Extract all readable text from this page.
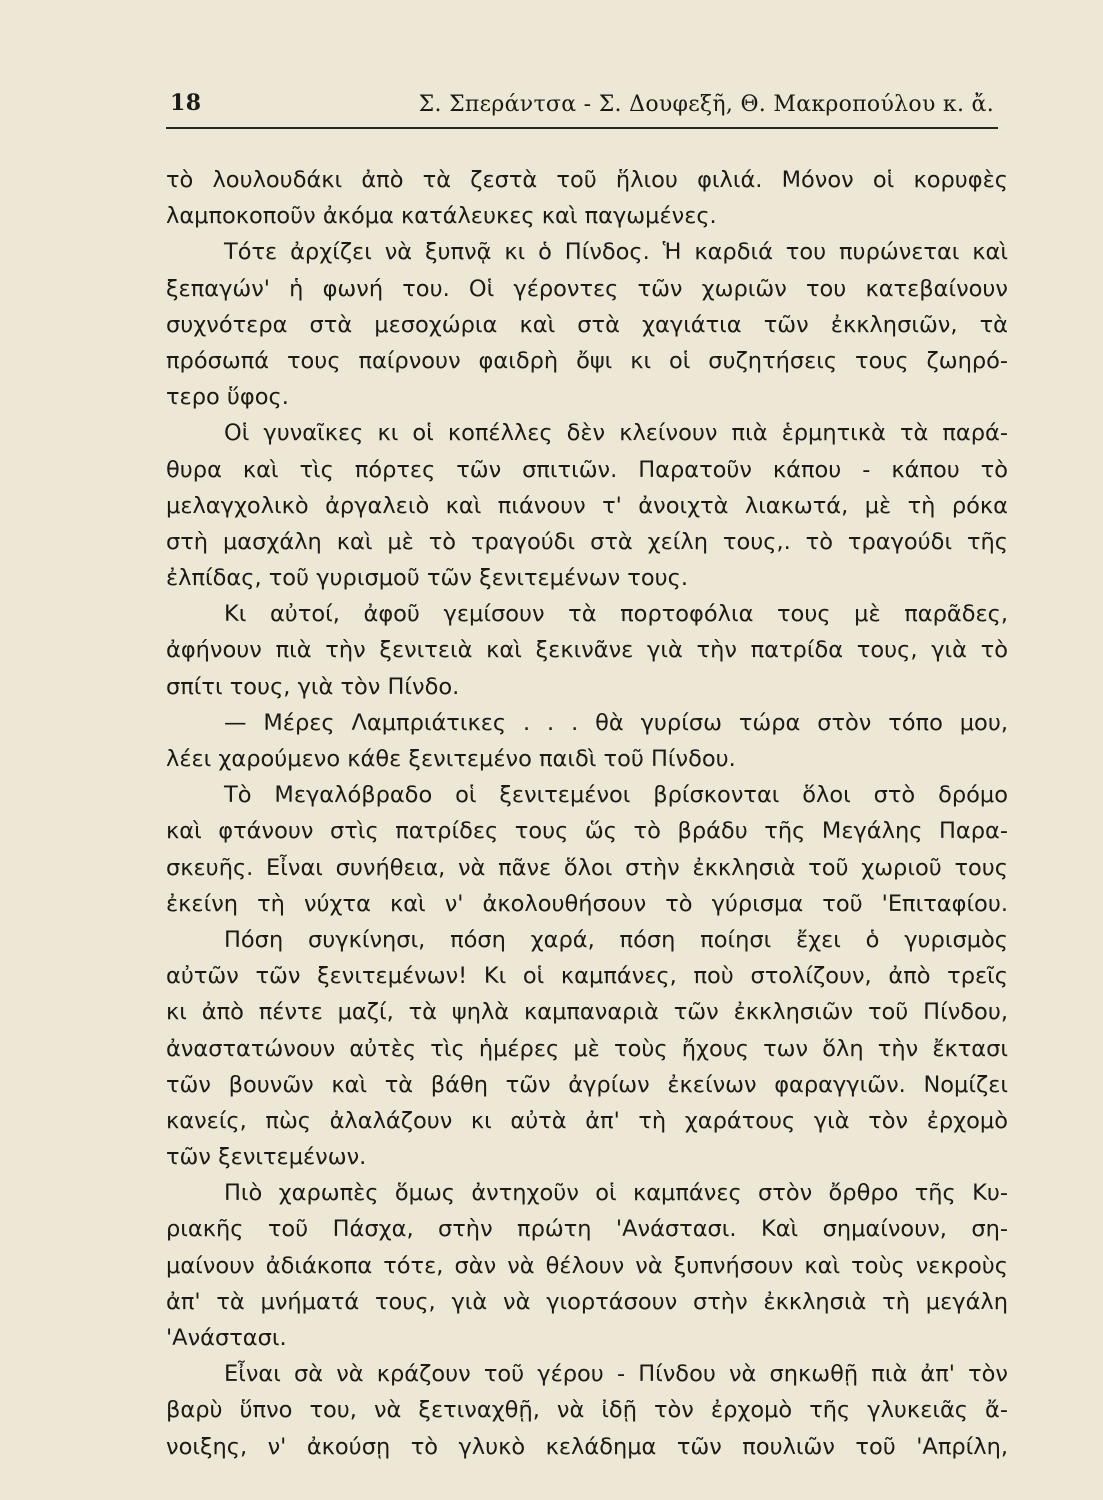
18	Σ. Σπεράντσα - Σ. Δουφεξῆ, Θ. Μακροπούλου κ. ἄ.
τὸ λουλουδάκι ἀπὸ τὰ ζεστὰ τοῦ ἥλιου φιλιά. Μόνον οἱ κορυφὲς
λαμποκοποῦν ἀκόμα κατάλευκες καὶ παγωμένες.
Τότε ἀρχίζει νὰ ξυπνᾷ κι ὁ Πίνδος. Ἡ καρδιά του πυρώνεται καὶ
ξεπαγών' ἡ φωνή του. Οἱ γέροντες τῶν χωριῶν του κατεβαίνουν
συχνότερα στὰ μεσοχώρια καὶ στὰ χαγιάτια τῶν ἐκκλησιῶν, τὰ
πρόσωπά τους παίρνουν φαιδρὴ ὄψι κι οἱ συζητήσεις τους ζωηρό-
τερο ὕφος.
Οἱ γυναῖκες κι οἱ κοπέλλες δὲν κλείνουν πιὰ ἑρμητικὰ τὰ παρά-
θυρα καὶ τὶς πόρτες τῶν σπιτιῶν. Παρατοῦν κάπου - κάπου τὸ
μελαγχολικὸ ἀργαλειὸ καὶ πιάνουν τ' ἀνοιχτὰ λιακωτά, μὲ τὴ ρόκα
στὴ μασχάλη καὶ μὲ τὸ τραγούδι στὰ χείλη τους,. τὸ τραγούδι τῆς
ἐλπίδας, τοῦ γυρισμοῦ τῶν ξενιτεμένων τους.
Κι αὐτοί, ἀφοῦ γεμίσουν τὰ πορτοφόλια τους μὲ παρᾶδες,
ἀφήνουν πιὰ τὴν ξενιτειὰ καὶ ξεκινᾶνε γιὰ τὴν πατρίδα τους, γιὰ τὸ
σπίτι τους, γιὰ τὸν Πίνδο.
— Μέρες Λαμπριάτικες . . . θὰ γυρίσω τώρα στὸν τόπο μου,
λέει χαρούμενο κάθε ξενιτεμένο παιδὶ τοῦ Πίνδου.
Τὸ Μεγαλόβραδο οἱ ξενιτεμένοι βρίσκονται ὅλοι στὸ δρόμο
καὶ φτάνουν στὶς πατρίδες τους ὥς τὸ βράδυ τῆς Μεγάλης Παρα-
σκευῆς. Εἶναι συνήθεια, νὰ πᾶνε ὅλοι στὴν ἐκκλησιὰ τοῦ χωριοῦ τους
ἐκείνη τὴ νύχτα καὶ ν' ἀκολουθήσουν τὸ γύρισμα τοῦ 'Επιταφίου.
Πόση συγκίνησι, πόση χαρά, πόση ποίησι ἔχει ὁ γυρισμὸς
αὐτῶν τῶν ξενιτεμένων! Κι οἱ καμπάνες, ποὺ στολίζουν, ἀπὸ τρεῖς
κι ἀπὸ πέντε μαζί, τὰ ψηλὰ καμπαναριὰ τῶν ἐκκλησιῶν τοῦ Πίνδου,
ἀναστατώνουν αὐτὲς τὶς ἡμέρες μὲ τοὺς ἤχους των ὅλη τὴν ἔκτασι
τῶν βουνῶν καὶ τὰ βάθη τῶν ἀγρίων ἐκείνων φαραγγιῶν. Νομίζει
κανείς, πὼς ἀλαλάζουν κι αὐτὰ ἀπ' τὴ χαράτους γιὰ τὸν ἐρχομὸ
τῶν ξενιτεμένων.
Πιὸ χαρωπὲς ὅμως ἀντηχοῦν οἱ καμπάνες στὸν ὄρθρο τῆς Κυ-
ριακῆς τοῦ Πάσχα, στὴν πρώτη 'Ανάστασι. Καὶ σημαίνουν, ση-
μαίνουν ἀδιάκοπα τότε, σὰν νὰ θέλουν νὰ ξυπνήσουν καὶ τοὺς νεκροὺς
ἀπ' τὰ μνήματά τους, γιὰ νὰ γιορτάσουν στὴν ἐκκλησιὰ τὴ μεγάλη
'Ανάστασι.
Εἶναι σὰ νὰ κράζουν τοῦ γέρου - Πίνδου νὰ σηκωθῇ πιὰ ἀπ' τὸν
βαρὺ ὕπνο του, νὰ ξετιναχθῇ, νὰ ἰδῇ τὸν ἐρχομὸ τῆς γλυκειᾶς ἄ-
νοιξης, ν' ἀκούσῃ τὸ γλυκὸ κελάδημα τῶν πουλιῶν τοῦ 'Απρίλη,
